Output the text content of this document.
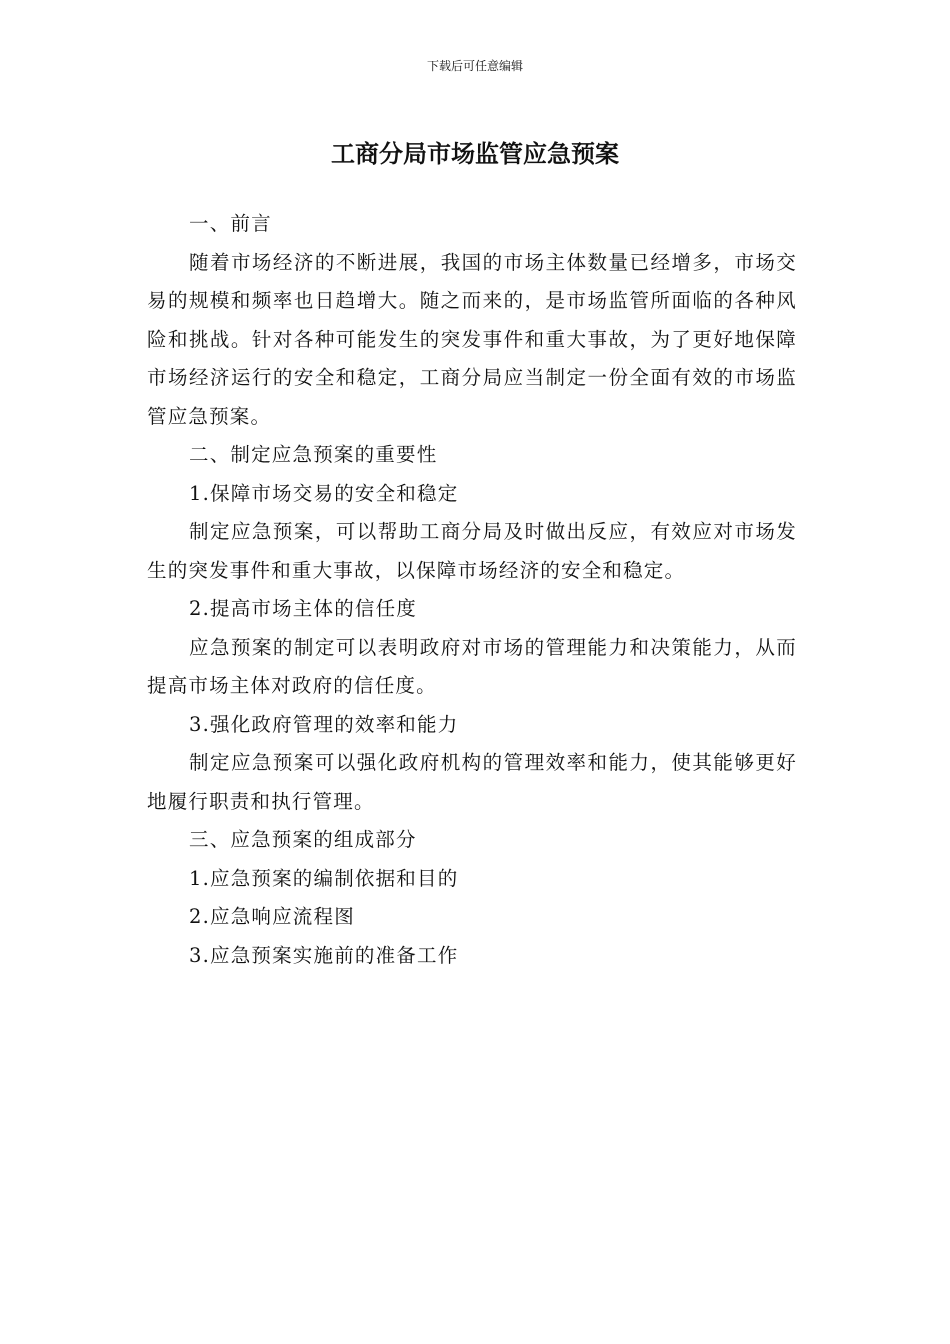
下载后可任意编辑
工商分局市场监管应急预案

一、前言

随着市场经济的不断进展，我国的市场主体数量已经增多，市场交易的规模和频率也日趋增大。随之而来的，是市场监管所面临的各种风险和挑战。针对各种可能发生的突发事件和重大事故，为了更好地保障市场经济运行的安全和稳定，工商分局应当制定一份全面有效的市场监管应急预案。

二、制定应急预案的重要性

1.保障市场交易的安全和稳定

制定应急预案，可以帮助工商分局及时做出反应，有效应对市场发生的突发事件和重大事故，以保障市场经济的安全和稳定。

2.提高市场主体的信任度

应急预案的制定可以表明政府对市场的管理能力和决策能力，从而提高市场主体对政府的信任度。

3.强化政府管理的效率和能力

制定应急预案可以强化政府机构的管理效率和能力，使其能够更好地履行职责和执行管理。

三、应急预案的组成部分

1.应急预案的编制依据和目的

2.应急响应流程图

3.应急预案实施前的准备工作
